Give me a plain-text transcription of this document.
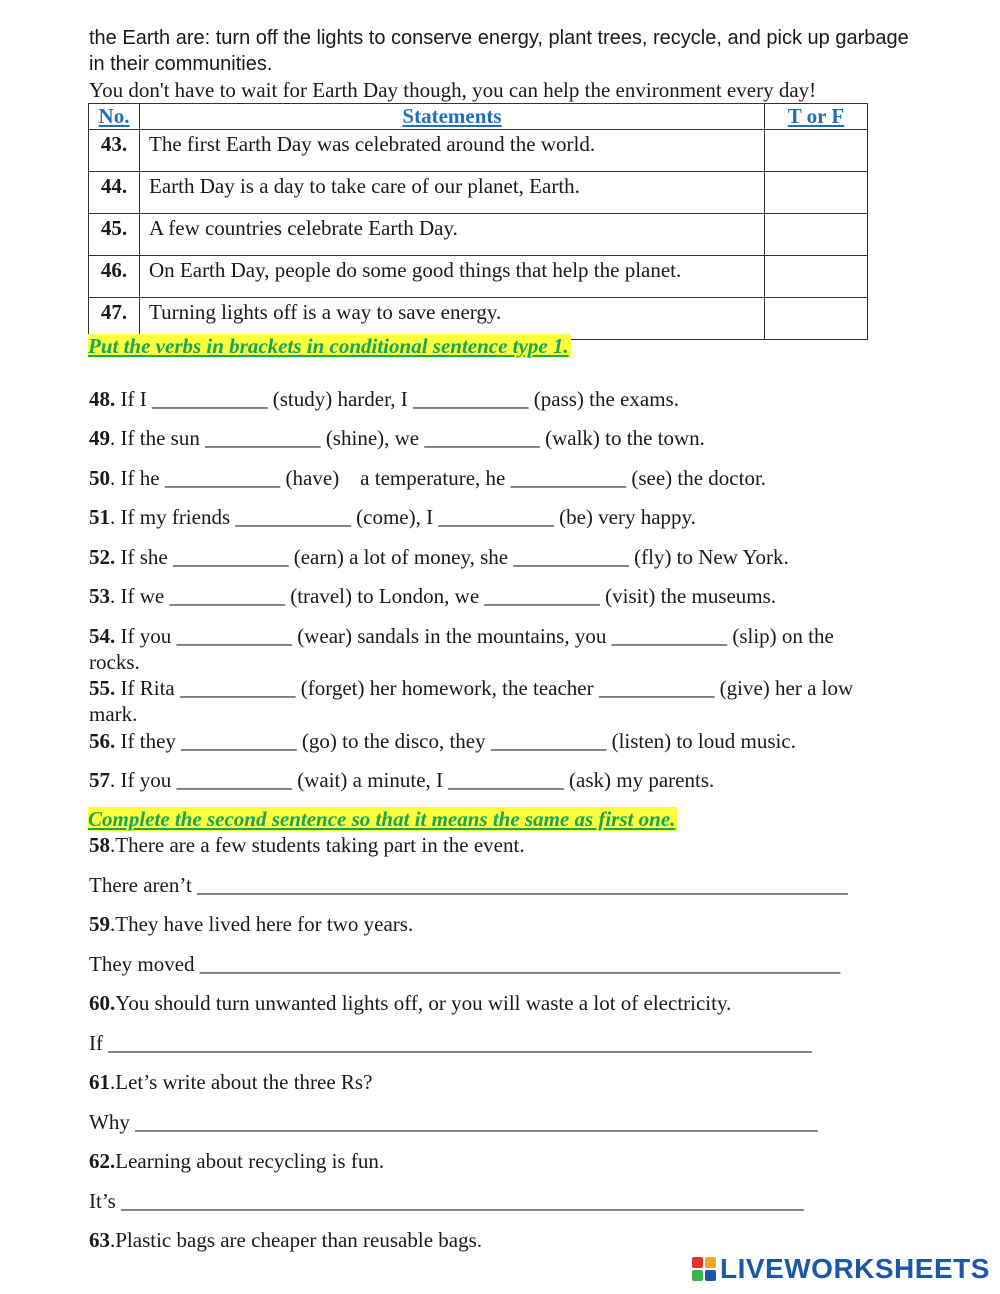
the Earth are: turn off the lights to conserve energy, plant trees, recycle, and pick up garbage
in their communities.
You don't have to wait for Earth Day though, you can help the environment every day!
No.	Statements	T or F
43.	The first Earth Day was celebrated around the world.	
44.	Earth Day is a day to take care of our planet, Earth.	
45.	A few countries celebrate Earth Day.	
46.	On Earth Day, people do some good things that help the planet.	
47.	Turning lights off is a way to save energy.	
Put the verbs in brackets in conditional sentence type 1.
48. If I ___________ (study) harder, I ___________ (pass) the exams.
49. If the sun ___________ (shine), we ___________ (walk) to the town.
50. If he ___________ (have)    a temperature, he ___________ (see) the doctor.
51. If my friends ___________ (come), I ___________ (be) very happy.
52. If she ___________ (earn) a lot of money, she ___________ (fly) to New York.
53. If we ___________ (travel) to London, we ___________ (visit) the museums.
54. If you ___________ (wear) sandals in the mountains, you ___________ (slip) on the
rocks.
55. If Rita ___________ (forget) her homework, the teacher ___________ (give) her a low
mark.
56. If they ___________ (go) to the disco, they ___________ (listen) to loud music.
57. If you ___________ (wait) a minute, I ___________ (ask) my parents.
Complete the second sentence so that it means the same as first one.
58.There are a few students taking part in the event.
There aren’t ______________________________________________________________
59.They have lived here for two years.
They moved _____________________________________________________________
60.You should turn unwanted lights off, or you will waste a lot of electricity.
If ___________________________________________________________________
61.Let’s write about the three Rs?
Why _________________________________________________________________
62.Learning about recycling is fun.
It’s _________________________________________________________________
63.Plastic bags are cheaper than reusable bags.
LIVEWORKSHEETS
